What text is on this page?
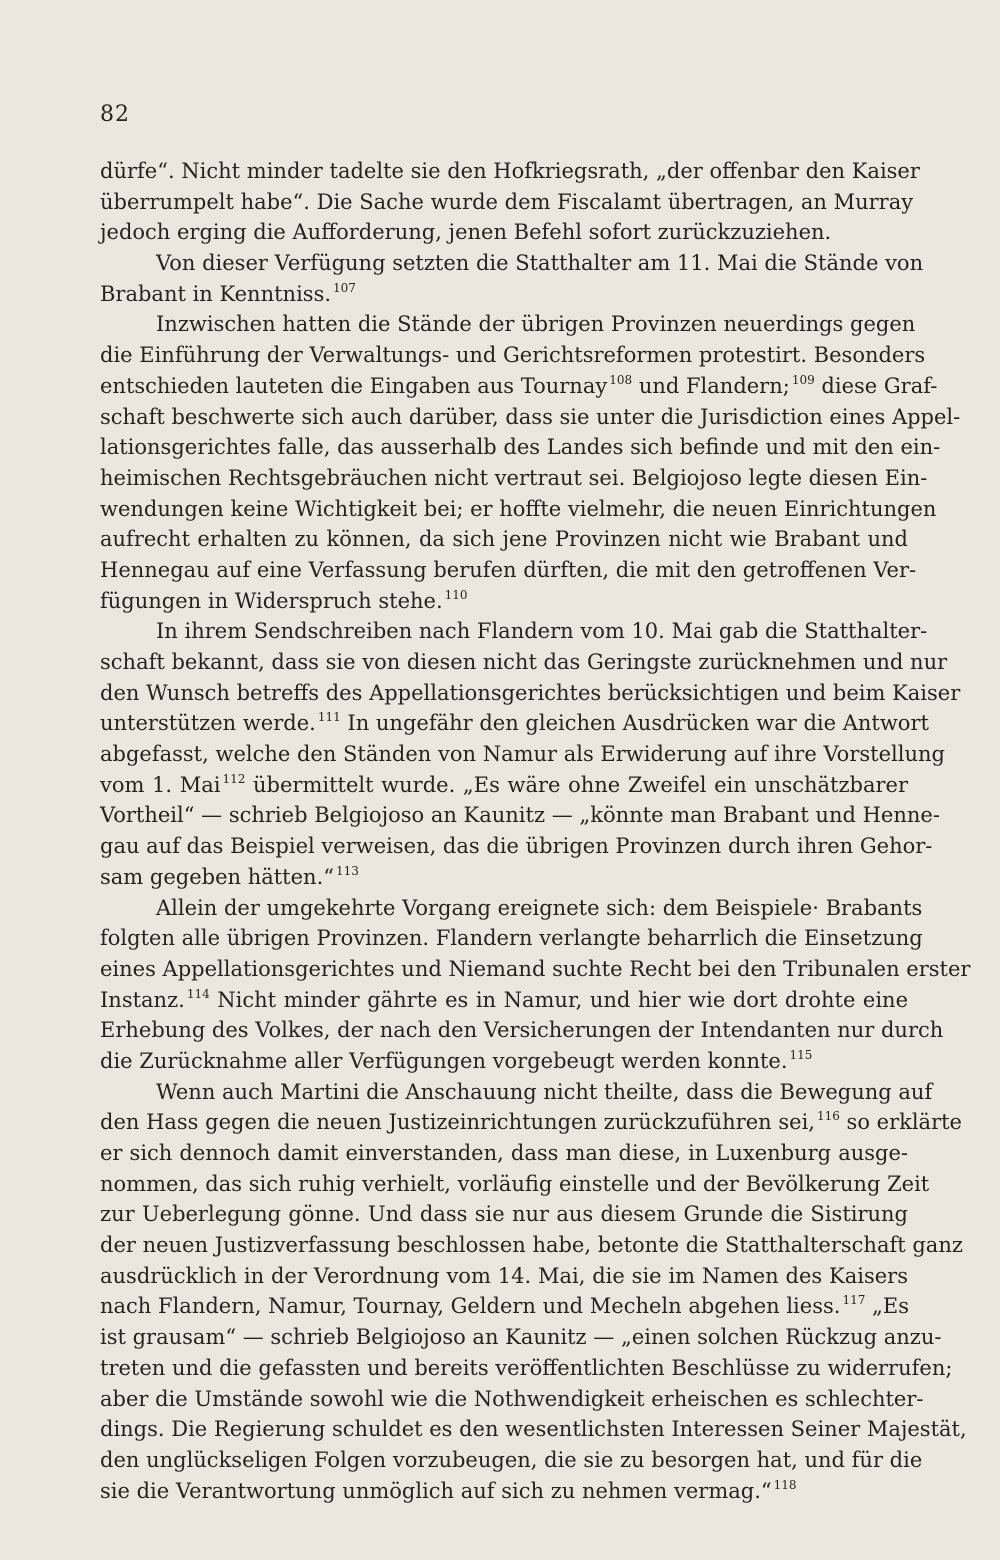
82
dürfe“. Nicht minder tadelte sie den Hofkriegsrath, „der offenbar den Kaiser
überrumpelt habe“. Die Sache wurde dem Fiscalamt übertragen, an Murray
jedoch erging die Aufforderung, jenen Befehl sofort zurückzuziehen.
Von dieser Verfügung setzten die Statthalter am 11. Mai die Stände von
Brabant in Kenntniss. $^{107}$
Inzwischen hatten die Stände der übrigen Provinzen neuerdings gegen
die Einführung der Verwaltungs- und Gerichtsreformen protestirt. Besonders
entschieden lauteten die Eingaben aus Tournay $^{108}$ und Flandern; $^{109}$ diese Graf-
schaft beschwerte sich auch darüber, dass sie unter die Jurisdiction eines Appel-
lationsgerichtes falle, das ausserhalb des Landes sich befinde und mit den ein-
heimischen Rechtsgebräuchen nicht vertraut sei. Belgiojoso legte diesen Ein-
wendungen keine Wichtigkeit bei; er hoffte vielmehr, die neuen Einrichtungen
aufrecht erhalten zu können, da sich jene Provinzen nicht wie Brabant und
Hennegau auf eine Verfassung berufen dürften, die mit den getroffenen Ver-
fügungen in Widerspruch stehe. $^{110}$
In ihrem Sendschreiben nach Flandern vom 10. Mai gab die Statthalter-
schaft bekannt, dass sie von diesen nicht das Geringste zurücknehmen und nur
den Wunsch betreffs des Appellationsgerichtes berücksichtigen und beim Kaiser
unterstützen werde. $^{111}$ In ungefähr den gleichen Ausdrücken war die Antwort
abgefasst, welche den Ständen von Namur als Erwiderung auf ihre Vorstellung
vom 1. Mai $^{112}$ übermittelt wurde. „Es wäre ohne Zweifel ein unschätzbarer
Vortheil“ — schrieb Belgiojoso an Kaunitz — „könnte man Brabant und Henne-
gau auf das Beispiel verweisen, das die übrigen Provinzen durch ihren Gehor-
sam gegeben hätten.“ $^{113}$
Allein der umgekehrte Vorgang ereignete sich: dem Beispiele· Brabants
folgten alle übrigen Provinzen. Flandern verlangte beharrlich die Einsetzung
eines Appellationsgerichtes und Niemand suchte Recht bei den Tribunalen erster
Instanz. $^{114}$ Nicht minder gährte es in Namur, und hier wie dort drohte eine
Erhebung des Volkes, der nach den Versicherungen der Intendanten nur durch
die Zurücknahme aller Verfügungen vorgebeugt werden konnte. $^{115}$
Wenn auch Martini die Anschauung nicht theilte, dass die Bewegung auf
den Hass gegen die neuen Justizeinrichtungen zurückzuführen sei, $^{116}$ so erklärte
er sich dennoch damit einverstanden, dass man diese, in Luxenburg ausge-
nommen, das sich ruhig verhielt, vorläufig einstelle und der Bevölkerung Zeit
zur Ueberlegung gönne. Und dass sie nur aus diesem Grunde die Sistirung
der neuen Justizverfassung beschlossen habe, betonte die Statthalterschaft ganz
ausdrücklich in der Verordnung vom 14. Mai, die sie im Namen des Kaisers
nach Flandern, Namur, Tournay, Geldern und Mecheln abgehen liess. $^{117}$ „Es
ist grausam“ — schrieb Belgiojoso an Kaunitz — „einen solchen Rückzug anzu-
treten und die gefassten und bereits veröffentlichten Beschlüsse zu widerrufen;
aber die Umstände sowohl wie die Nothwendigkeit erheischen es schlechter-
dings. Die Regierung schuldet es den wesentlichsten Interessen Seiner Majestät,
den unglückseligen Folgen vorzubeugen, die sie zu besorgen hat, und für die
sie die Verantwortung unmöglich auf sich zu nehmen vermag.“ $^{118}$
